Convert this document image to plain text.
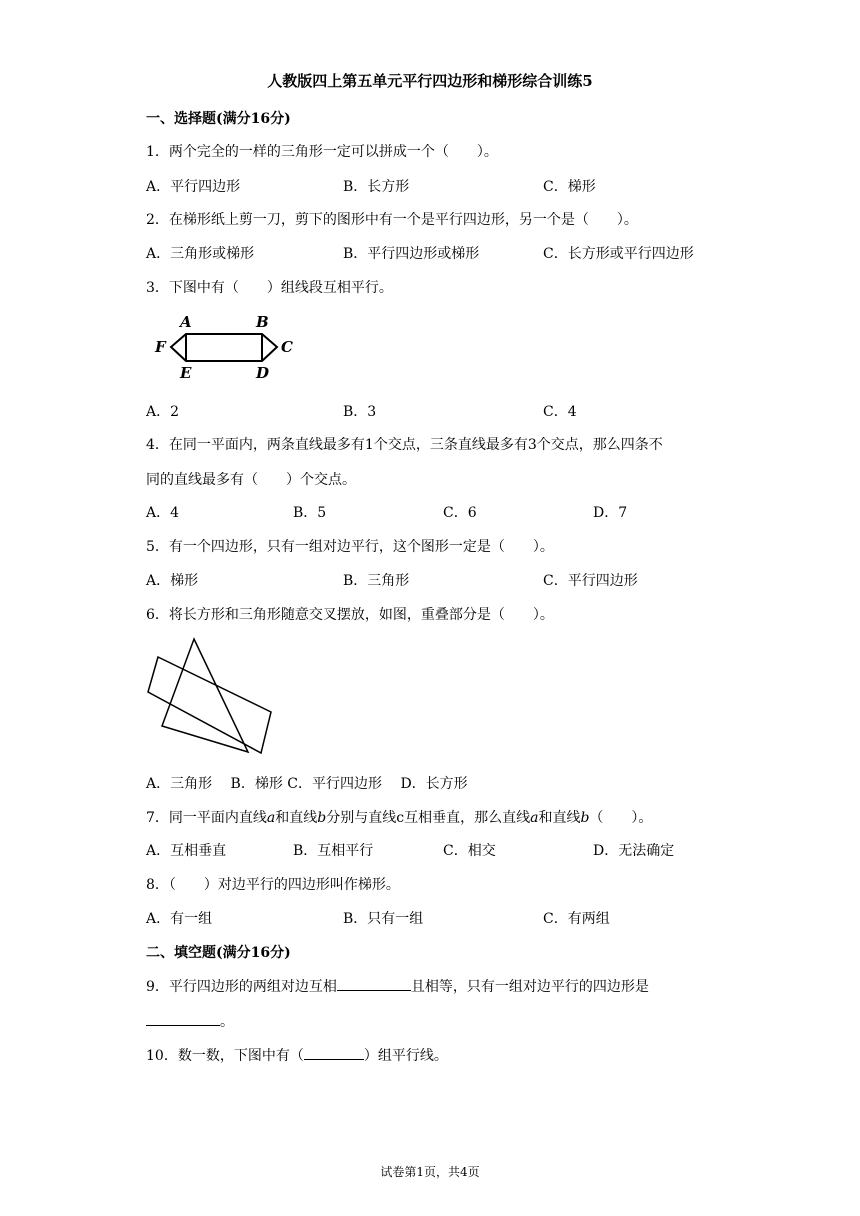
人教版四上第五单元平行四边形和梯形综合训练5
一、选择题(满分16分)
1．两个完全的一样的三角形一定可以拼成一个（　　）。
A．平行四边形	B．长方形	C．梯形
2．在梯形纸上剪一刀，剪下的图形中有一个是平行四边形，另一个是（　　）。
A．三角形或梯形	B．平行四边形或梯形	C．长方形或平行四边形
3．下图中有（　　）组线段互相平行。
A	B
C
D
E
F
A．2	B．3	C．4
4．在同一平面内，两条直线最多有1个交点，三条直线最多有3个交点，那么四条不
同的直线最多有（　　）个交点。
A．4	B．5	C．6	D．7
5．有一个四边形，只有一组对边平行，这个图形一定是（　　）。
A．梯形	B．三角形	C．平行四边形
6．将长方形和三角形随意交叉摆放，如图，重叠部分是（　　）。
A．三角形　 B．梯形 C．平行四边形　 D．长方形
7．同一平面内直线a和直线b分别与直线c互相垂直，那么直线a和直线b（　　）。
A．互相垂直	B．互相平行	C．相交	D．无法确定
8．（　　）对边平行的四边形叫作梯形。
A．有一组	B．只有一组	C．有两组
二、填空题(满分16分)
9．平行四边形的两组对边互相	且相等，只有一组对边平行的四边形是
。
10．数一数，下图中有（	）组平行线。
试卷第1页，共4页
